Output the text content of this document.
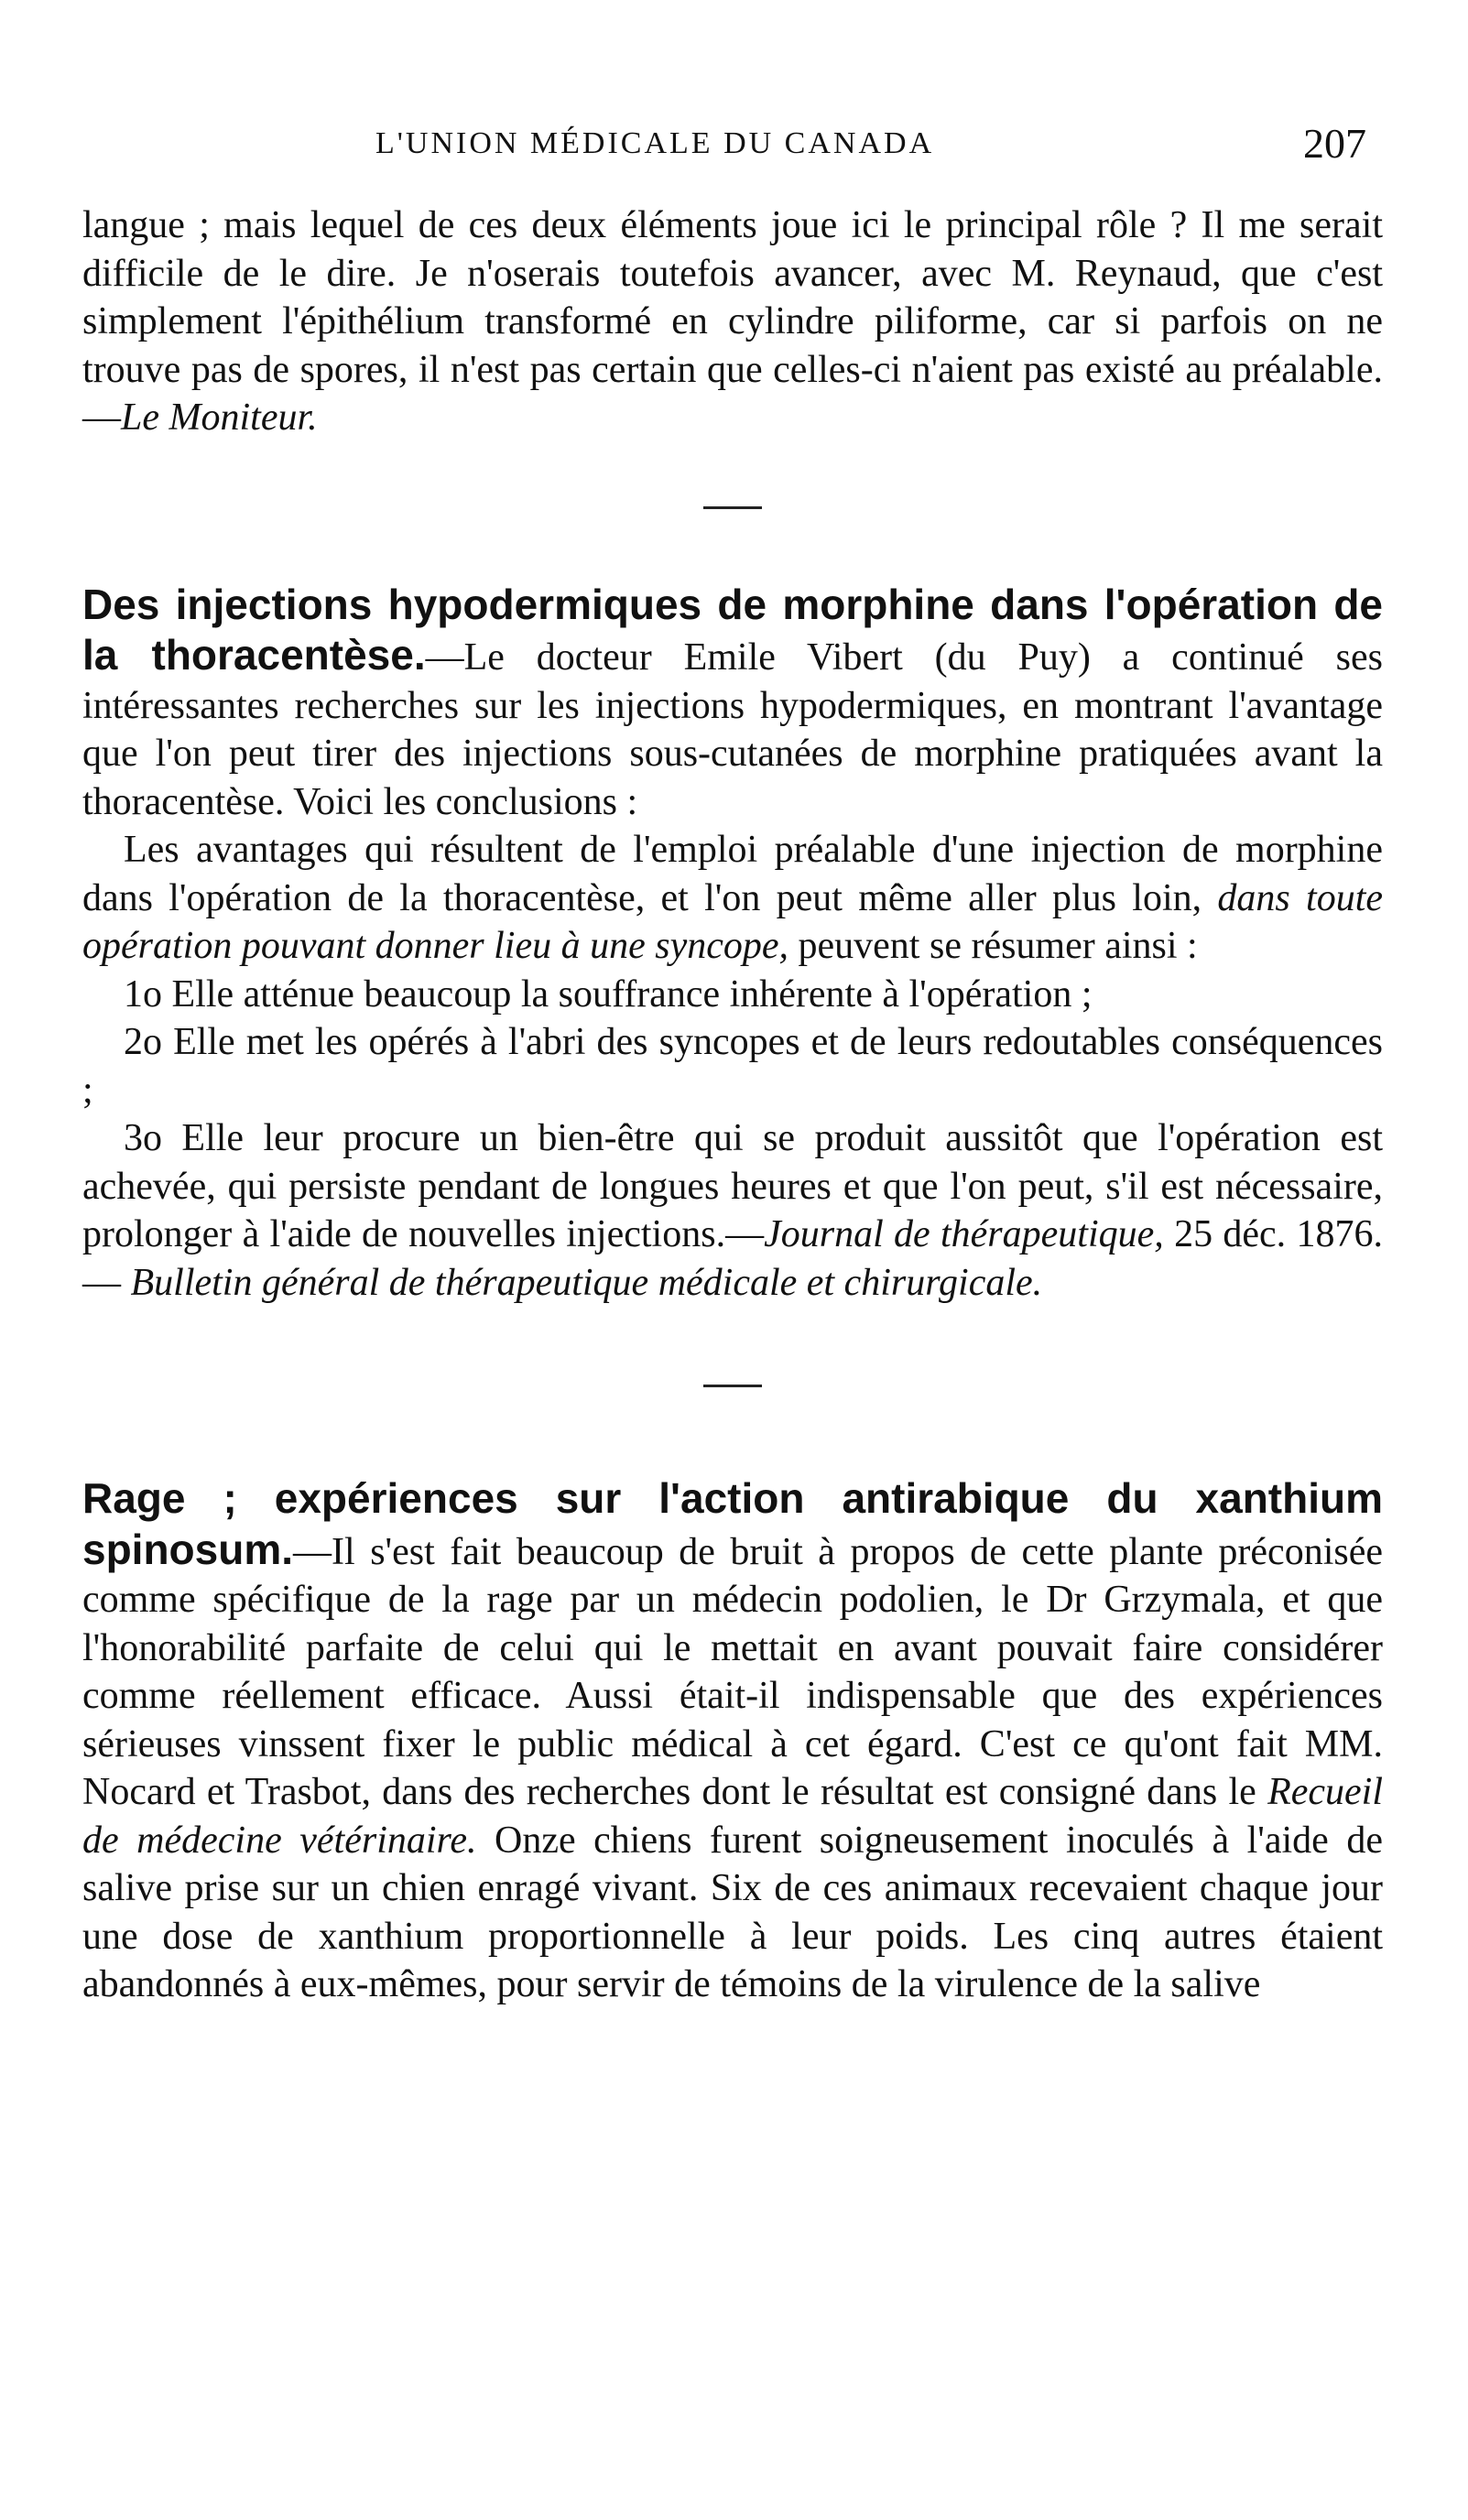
L'UNION MÉDICALE DU CANADA	207

langue ; mais lequel de ces deux éléments joue ici le principal rôle ? Il me serait difficile de le dire. Je n'oserais toutefois avancer, avec M. Reynaud, que c'est simplement l'épithélium transformé en cylindre piliforme, car si parfois on ne trouve pas de spores, il n'est pas certain que celles-ci n'aient pas existé au préalable.—Le Moniteur.

Des injections hypodermiques de morphine dans l'opération de la thoracentèse.—Le docteur Emile Vibert (du Puy) a continué ses intéressantes recherches sur les injections hypodermiques, en montrant l'avantage que l'on peut tirer des injections sous-cutanées de morphine pratiquées avant la thoracentèse. Voici les conclusions :

Les avantages qui résultent de l'emploi préalable d'une injection de morphine dans l'opération de la thoracentèse, et l'on peut même aller plus loin, dans toute opération pouvant donner lieu à une syncope, peuvent se résumer ainsi :

1o Elle atténue beaucoup la souffrance inhérente à l'opération ;

2o Elle met les opérés à l'abri des syncopes et de leurs redoutables conséquences ;

3o Elle leur procure un bien-être qui se produit aussitôt que l'opération est achevée, qui persiste pendant de longues heures et que l'on peut, s'il est nécessaire, prolonger à l'aide de nouvelles injections.—Journal de thérapeutique, 25 déc. 1876.— Bulletin général de thérapeutique médicale et chirurgicale.

Rage ; expériences sur l'action antirabique du xanthium spinosum.—Il s'est fait beaucoup de bruit à propos de cette plante préconisée comme spécifique de la rage par un médecin podolien, le Dr Grzymala, et que l'honorabilité parfaite de celui qui le mettait en avant pouvait faire considérer comme réellement efficace. Aussi était-il indispensable que des expériences sérieuses vinssent fixer le public médical à cet égard. C'est ce qu'ont fait MM. Nocard et Trasbot, dans des recherches dont le résultat est consigné dans le Recueil de médecine vétérinaire. Onze chiens furent soigneusement inoculés à l'aide de salive prise sur un chien enragé vivant. Six de ces animaux recevaient chaque jour une dose de xanthium proportionnelle à leur poids. Les cinq autres étaient abandonnés à eux-mêmes, pour servir de témoins de la virulence de la salive
